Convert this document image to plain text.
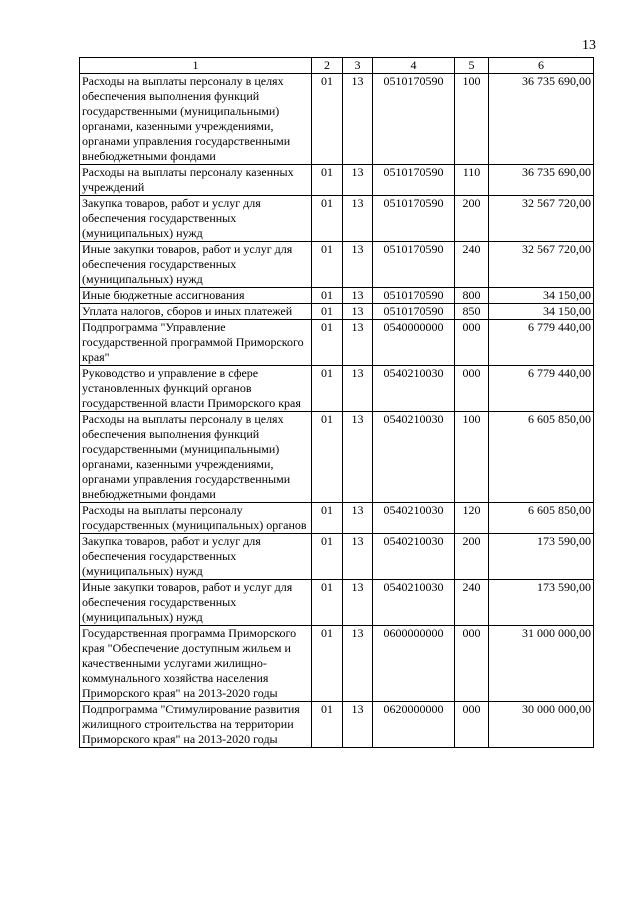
13
1	2	3	4	5	6
Расходы на выплаты персоналу в целях обеспечения выполнения функций государственными (муниципальными) органами, казенными учреждениями, органами управления государственными внебюджетными фондами	01	13	0510170590	100	36 735 690,00
Расходы на выплаты персоналу казенных учреждений	01	13	0510170590	110	36 735 690,00
Закупка товаров, работ и услуг для обеспечения государственных (муниципальных) нужд	01	13	0510170590	200	32 567 720,00
Иные закупки товаров, работ и услуг для обеспечения государственных (муниципальных) нужд	01	13	0510170590	240	32 567 720,00
Иные бюджетные ассигнования	01	13	0510170590	800	34 150,00
Уплата налогов, сборов и иных платежей	01	13	0510170590	850	34 150,00
Подпрограмма "Управление государственной программой Приморского края"	01	13	0540000000	000	6 779 440,00
Руководство и управление в сфере установленных функций органов государственной власти Приморского края	01	13	0540210030	000	6 779 440,00
Расходы на выплаты персоналу в целях обеспечения выполнения функций государственными (муниципальными) органами, казенными учреждениями, органами управления государственными внебюджетными фондами	01	13	0540210030	100	6 605 850,00
Расходы на выплаты персоналу государственных (муниципальных) органов	01	13	0540210030	120	6 605 850,00
Закупка товаров, работ и услуг для обеспечения государственных (муниципальных) нужд	01	13	0540210030	200	173 590,00
Иные закупки товаров, работ и услуг для обеспечения государственных (муниципальных) нужд	01	13	0540210030	240	173 590,00
Государственная программа Приморского края "Обеспечение доступным жильем и качественными услугами жилищно-коммунального хозяйства населения Приморского края" на 2013-2020 годы	01	13	0600000000	000	31 000 000,00
Подпрограмма "Стимулирование развития жилищного строительства на территории Приморского края" на 2013-2020 годы	01	13	0620000000	000	30 000 000,00
